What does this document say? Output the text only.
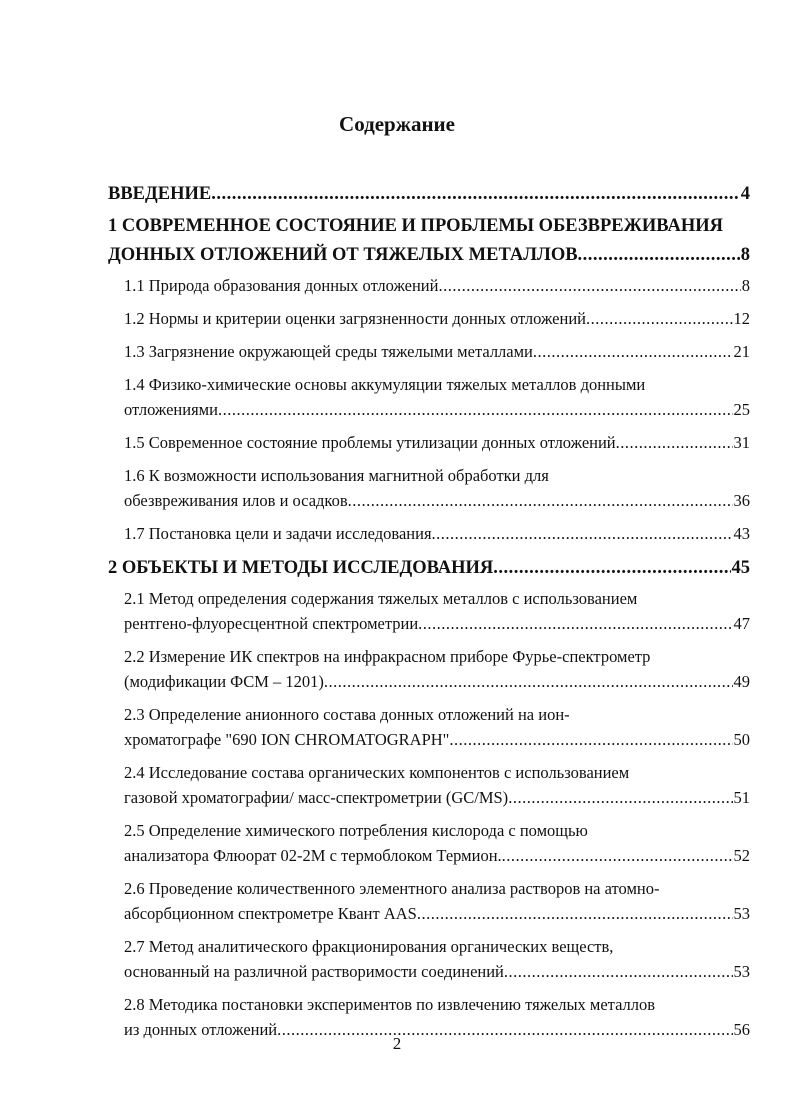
Содержание
ВВЕДЕНИЕ .....	4
1 СОВРЕМЕННОЕ СОСТОЯНИЕ И ПРОБЛЕМЫ ОБЕЗВРЕЖИВАНИЯ
ДОННЫХ ОТЛОЖЕНИЙ ОТ ТЯЖЕЛЫХ МЕТАЛЛОВ .....	8
1.1 Природа образования донных отложений .....	8
1.2 Нормы и критерии оценки загрязненности донных отложений .....	12
1.3 Загрязнение окружающей среды тяжелыми металлами .....	21
1.4 Физико-химические основы аккумуляции тяжелых металлов донными
отложениями .....	25
1.5 Современное состояние проблемы утилизации донных отложений .....	31
1.6 К возможности использования магнитной обработки для
обезвреживания илов и осадков .....	36
1.7 Постановка цели и задачи исследования .....	43
2 ОБЪЕКТЫ И МЕТОДЫ ИССЛЕДОВАНИЯ .....	45
2.1 Метод определения содержания тяжелых металлов с использованием
рентгено-флуоресцентной спектрометрии .....	47
2.2 Измерение ИК спектров на инфракрасном приборе Фурье-спектрометр
(модификации ФСМ – 1201) .....	49
2.3 Определение анионного состава донных отложений на ион-
хроматографе "690 ION CHROMATOGRAPH" .....	50
2.4 Исследование состава органических компонентов с использованием
газовой хроматографии/ масс-спектрометрии (GC/MS) .....	51
2.5 Определение химического потребления кислорода с помощью
анализатора Флюорат 02-2М с термоблоком Термион. .....	52
2.6 Проведение количественного элементного анализа растворов на атомно-
абсорбционном спектрометре Квант AAS .....	53
2.7 Метод аналитического фракционирования органических веществ,
основанный на различной растворимости соединений .....	53
2.8 Методика постановки экспериментов по извлечению тяжелых металлов
из донных отложений .....	56
2
